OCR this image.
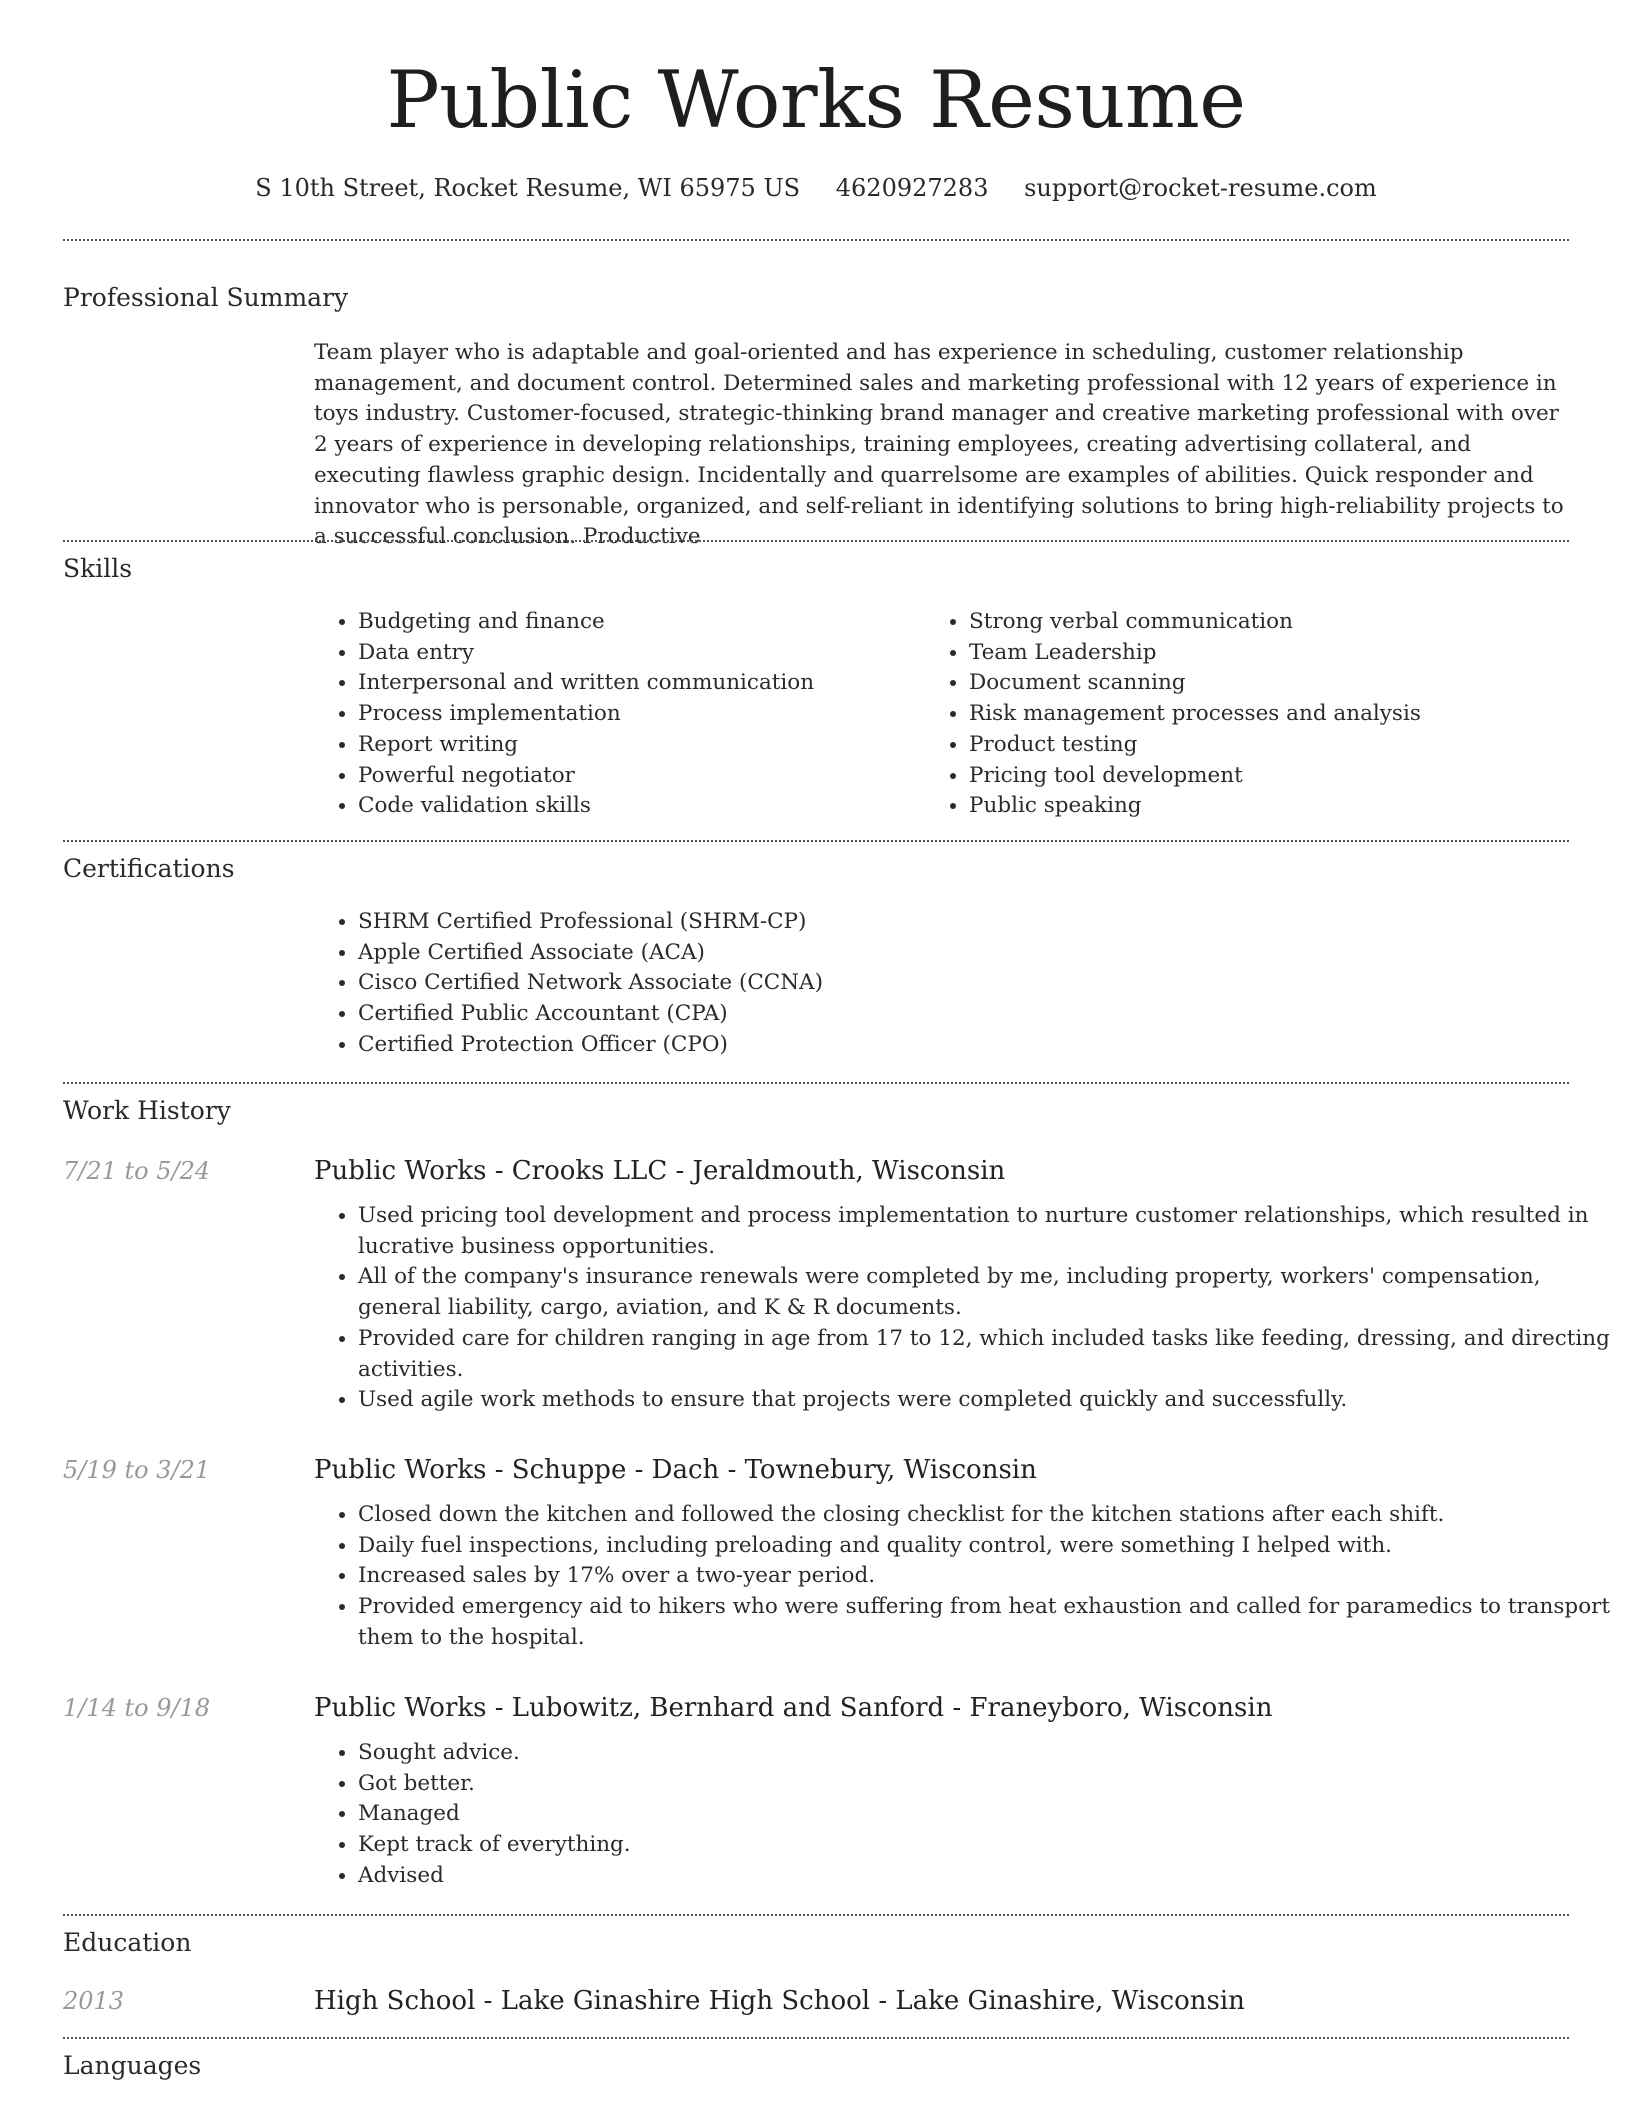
Public Works Resume
S 10th Street, Rocket Resume, WI 65975 US 4620927283 support@rocket-resume.com
Professional Summary

Team player who is adaptable and goal-oriented and has experience in scheduling, customer relationship management, and document control. Determined sales and marketing professional with 12 years of experience in toys industry. Customer-focused, strategic-thinking brand manager and creative marketing professional with over 2 years of experience in developing relationships, training employees, creating advertising collateral, and executing flawless graphic design. Incidentally and quarrelsome are examples of abilities. Quick responder and innovator who is personable, organized, and self-reliant in identifying solutions to bring high-reliability projects to a successful conclusion. Productive

Skills
• Budgeting and finance
• Data entry
• Interpersonal and written communication
• Process implementation
• Report writing
• Powerful negotiator
• Code validation skills
• Strong verbal communication
• Team Leadership
• Document scanning
• Risk management processes and analysis
• Product testing
• Pricing tool development
• Public speaking
Certifications
• SHRM Certified Professional (SHRM-CP)
• Apple Certified Associate (ACA)
• Cisco Certified Network Associate (CCNA)
• Certified Public Accountant (CPA)
• Certified Protection Officer (CPO)
Work History
7/21 to 5/24	Public Works - Crooks LLC - Jeraldmouth, Wisconsin
• Used pricing tool development and process implementation to nurture customer relationships, which resulted in lucrative business opportunities.
• All of the company's insurance renewals were completed by me, including property, workers' compensation, general liability, cargo, aviation, and K & R documents.
• Provided care for children ranging in age from 17 to 12, which included tasks like feeding, dressing, and directing activities.
• Used agile work methods to ensure that projects were completed quickly and successfully.
5/19 to 3/21	Public Works - Schuppe - Dach - Townebury, Wisconsin
• Closed down the kitchen and followed the closing checklist for the kitchen stations after each shift.
• Daily fuel inspections, including preloading and quality control, were something I helped with.
• Increased sales by 17% over a two-year period.
• Provided emergency aid to hikers who were suffering from heat exhaustion and called for paramedics to transport them to the hospital.
1/14 to 9/18	Public Works - Lubowitz, Bernhard and Sanford - Franeyboro, Wisconsin
• Sought advice.
• Got better.
• Managed
• Kept track of everything.
• Advised
Education
2013	High School - Lake Ginashire High School - Lake Ginashire, Wisconsin
Languages
